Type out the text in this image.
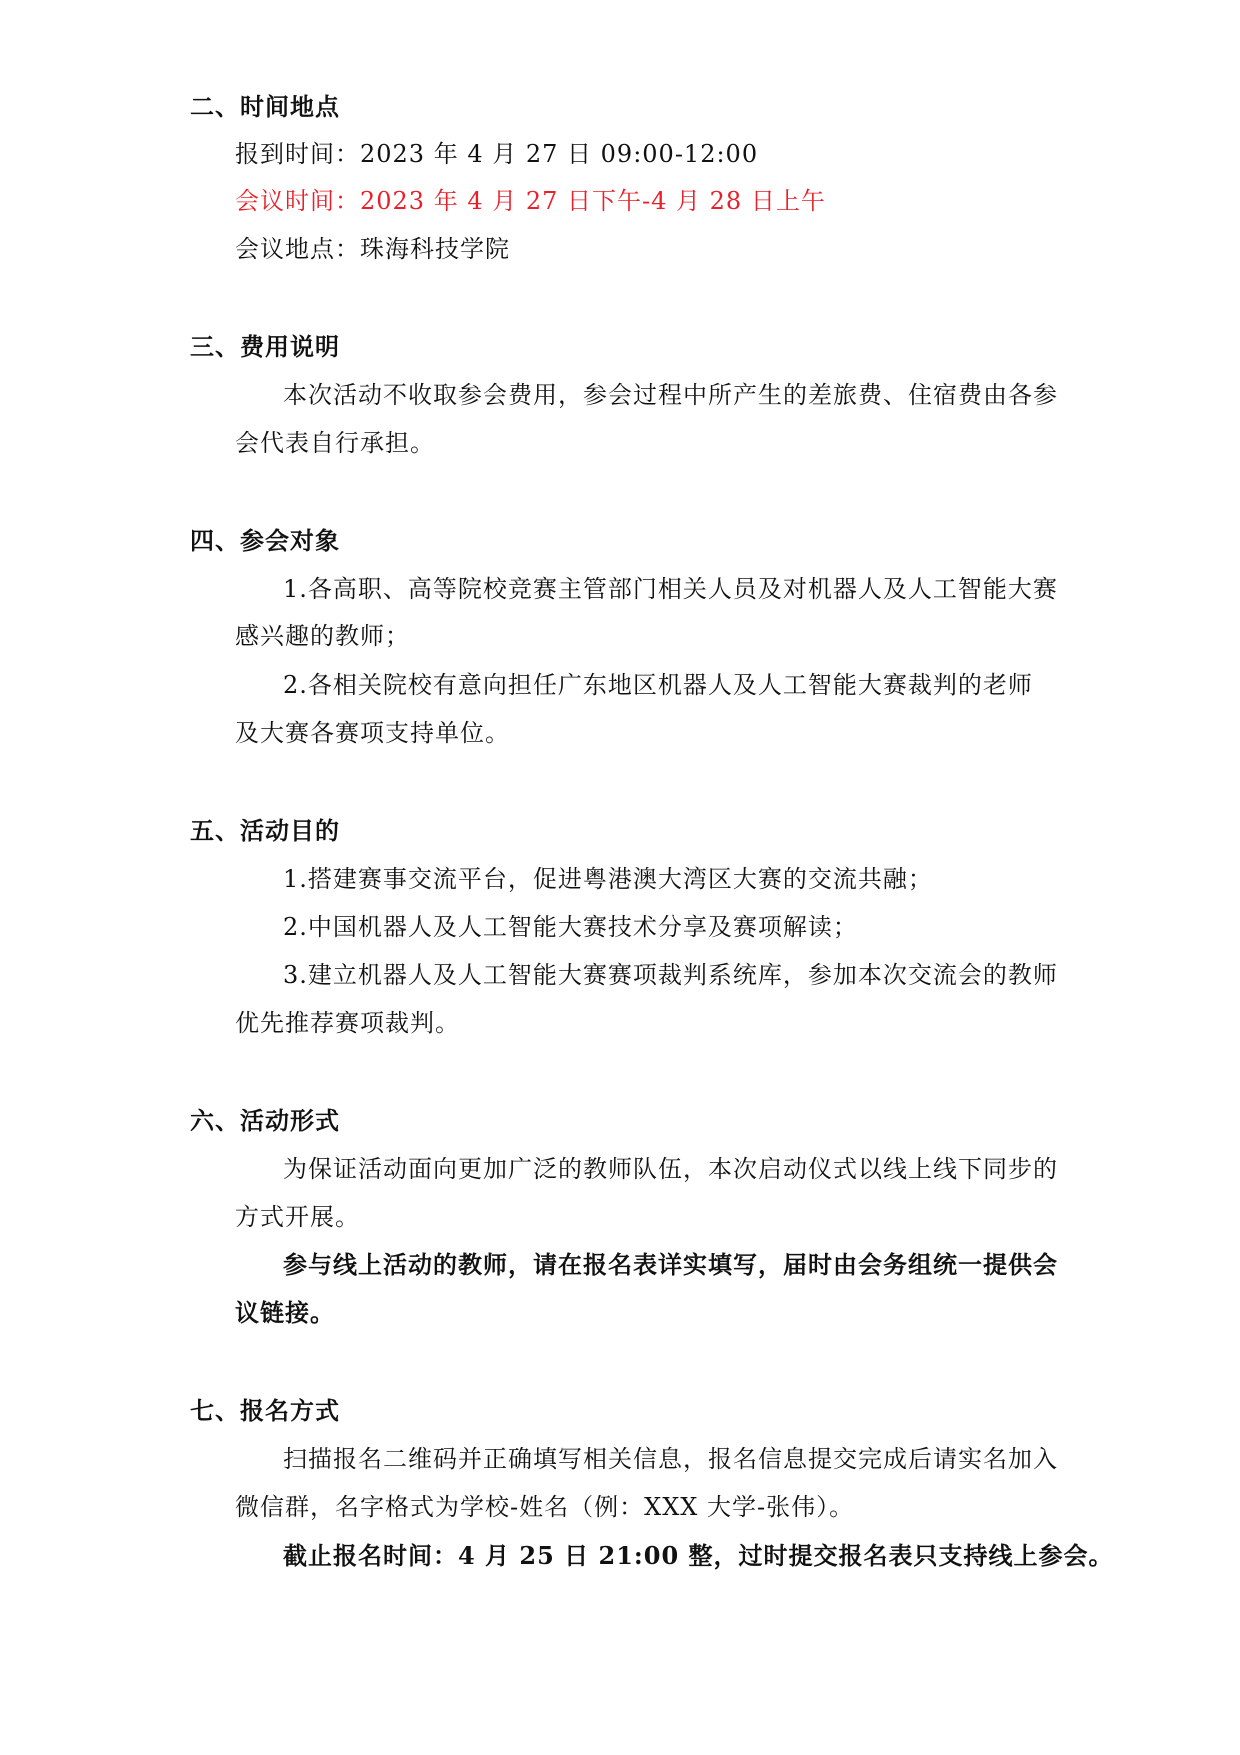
二、时间地点
报到时间：2023 年 4 月 27 日 09:00-12:00
会议时间：2023 年 4 月 27 日下午-4 月 28 日上午
会议地点：珠海科技学院
三、费用说明
本次活动不收取参会费用，参会过程中所产生的差旅费、住宿费由各参
会代表自行承担。
四、参会对象
1.各高职、高等院校竞赛主管部门相关人员及对机器人及人工智能大赛
感兴趣的教师；
2.各相关院校有意向担任广东地区机器人及人工智能大赛裁判的老师
及大赛各赛项支持单位。
五、活动目的
1.搭建赛事交流平台，促进粤港澳大湾区大赛的交流共融；
2.中国机器人及人工智能大赛技术分享及赛项解读；
3.建立机器人及人工智能大赛赛项裁判系统库，参加本次交流会的教师
优先推荐赛项裁判。
六、活动形式
为保证活动面向更加广泛的教师队伍，本次启动仪式以线上线下同步的
方式开展。
参与线上活动的教师，请在报名表详实填写，届时由会务组统一提供会
议链接。
七、报名方式
扫描报名二维码并正确填写相关信息，报名信息提交完成后请实名加入
微信群，名字格式为学校-姓名（例：XXX 大学-张伟）。
截止报名时间：4 月 25 日 21:00 整，过时提交报名表只支持线上参会。
